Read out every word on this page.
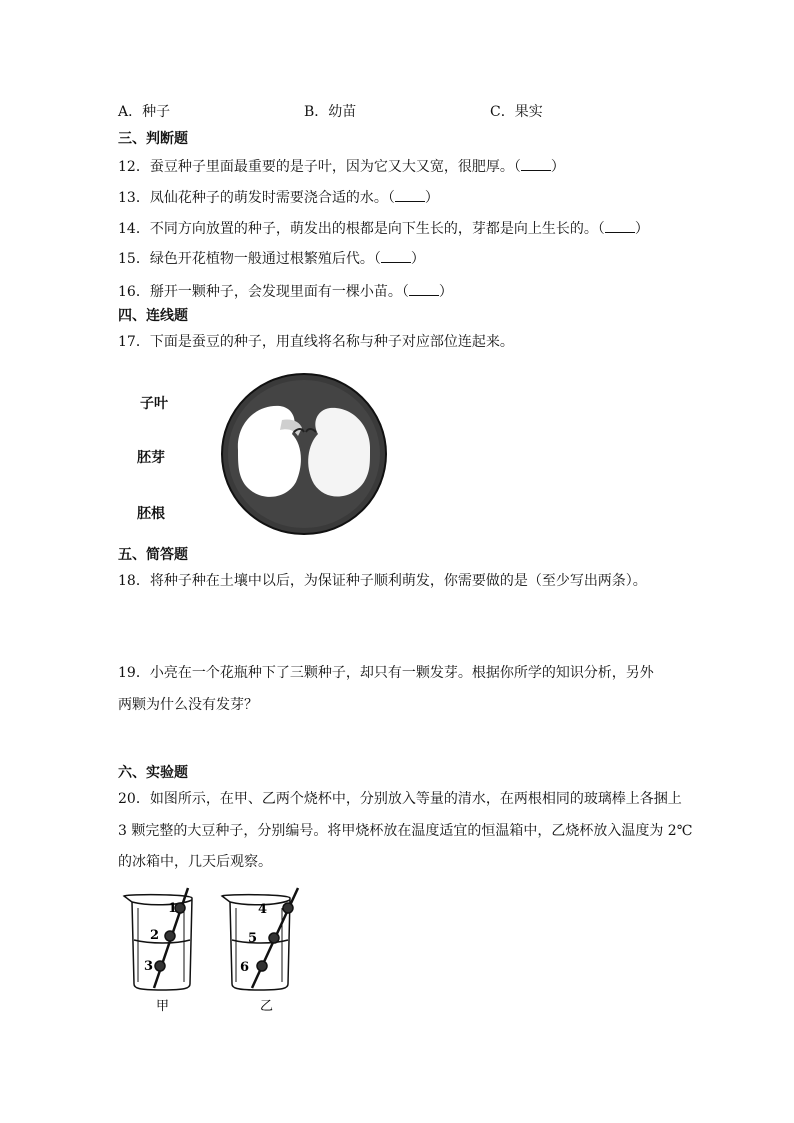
A．种子	B．幼苗	C．果实
三、判断题
12．蚕豆种子里面最重要的是子叶，因为它又大又宽，很肥厚。（ ）
13．凤仙花种子的萌发时需要浇合适的水。（ ）
14．不同方向放置的种子，萌发出的根都是向下生长的，芽都是向上生长的。（ ）
15．绿色开花植物一般通过根繁殖后代。（ ）
16．掰开一颗种子，会发现里面有一棵小苗。（ ）
四、连线题
17．下面是蚕豆的种子，用直线将名称与种子对应部位连起来。
子叶
胚芽
胚根
五、简答题
18．将种子种在土壤中以后，为保证种子顺利萌发，你需要做的是（至少写出两条）。
19．小亮在一个花瓶种下了三颗种子，却只有一颗发芽。根据你所学的知识分析，另外
两颗为什么没有发芽？
六、实验题
20．如图所示，在甲、乙两个烧杯中，分别放入等量的清水，在两根相同的玻璃棒上各捆上
3 颗完整的大豆种子，分别编号。将甲烧杯放在温度适宜的恒温箱中，乙烧杯放入温度为 2℃
的冰箱中，几天后观察。
1
2
3
4
5
6
甲	乙
